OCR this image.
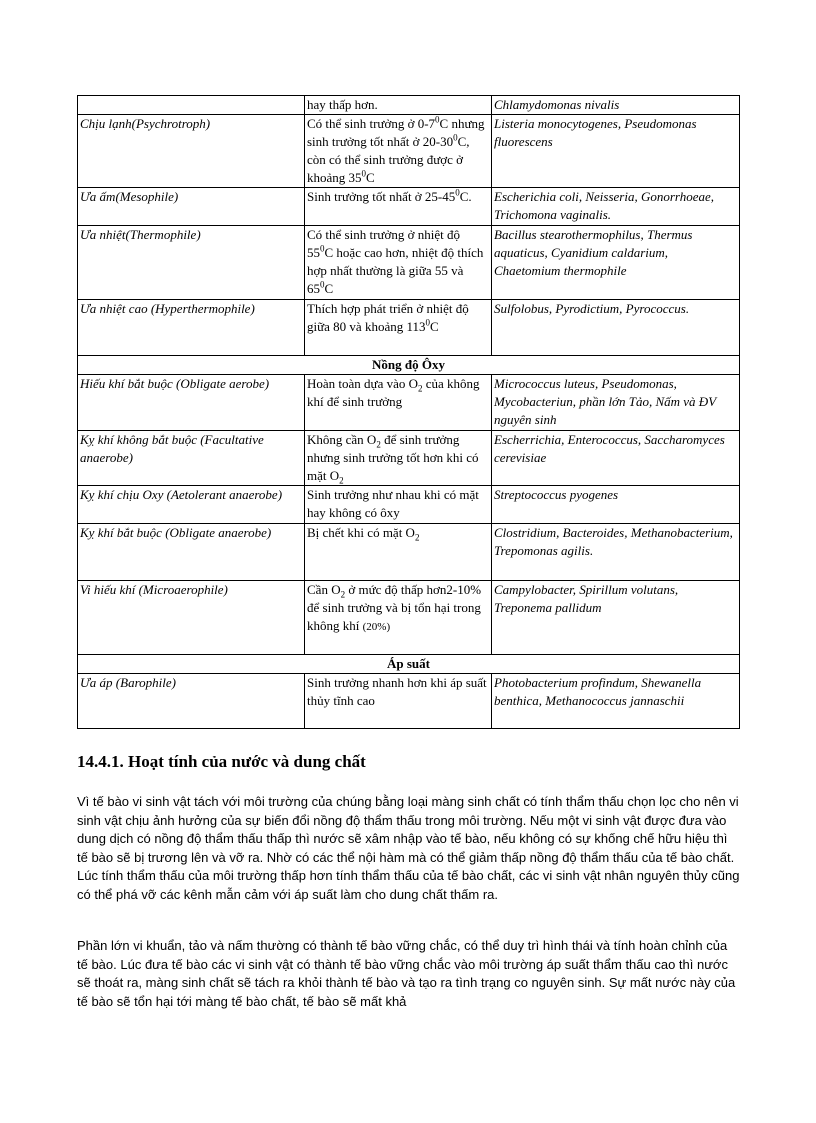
	hay thấp hơn.	Chlamydomonas nivalis
Chịu lạnh(Psychrotroph)	Có thể sinh trưởng ở $0-7^0C$ nhưng sinh trưởng tốt nhất ở $20-30^0C$, còn có thể sinh trưởng được ở khoảng $35^0C$	Listeria monocytogenes, Pseudomonas fluorescens
Ưa ấm(Mesophile)	Sinh trưởng tốt nhất ở $25-45^0C$.	Escherichia coli, Neisseria, Gonorrhoeae, Trichomona vaginalis.
Ưa nhiệt(Thermophile)	Có thể sinh trưởng ở nhiệt độ $55^0C$ hoặc cao hơn, nhiệt độ thích hợp nhất thường là giữa 55 và $65^0C$	Bacillus stearothermophilus, Thermus aquaticus, Cyanidium caldarium, Chaetomium thermophile
Ưa nhiệt cao (Hyperthermophile)	Thích hợp phát triển ở nhiệt độ giữa 80 và khoảng $113^0C$	Sulfolobus, Pyrodictium, Pyrococcus.
Nồng độ Ôxy		
Hiếu khí bắt buộc (Obligate aerobe)	Hoàn toàn dựa vào $O_2$ của không khí để sinh trưởng	Micrococcus luteus, Pseudomonas, Mycobacteriun, phần lớn Tảo, Nấm và ĐV nguyên sinh
Kỵ khí không bắt buộc (Facultative anaerobe)	Không cần $O_2$ để sinh trưởng nhưng sinh trưởng tốt hơn khi có mặt $O_2$	Escherrichia, Enterococcus, Saccharomyces cerevisiae
Kỵ khí chịu Oxy (Aetolerant anaerobe)	Sinh trưởng như nhau khi có mặt hay không có ôxy	Streptococcus pyogenes
Kỵ khí bắt buộc (Obligate anaerobe)	Bị chết khi có mặt $O_2$	Clostridium, Bacteroides, Methanobacterium, Trepomonas agilis.
Vi hiếu khí (Microaerophile)	Cần $O_2$ ở mức độ thấp hơn2-10% để sinh trưởng và bị tổn hại trong không khí (20%)	Campylobacter, Spirillum volutans, Treponema pallidum
Áp suất		
Ưa áp (Barophile)	Sinh trưởng nhanh hơn khi áp suất thủy tĩnh cao	Photobacterium profindum, Shewanella benthica, Methanococcus jannaschii
14.4.1. Hoạt tính của nước và dung chất

Vì tế bào vi sinh vật tách với môi trường của chúng bằng loại màng sinh chất có tính thẩm thấu chọn lọc cho nên vi sinh vật chịu ảnh hưởng của sự biến đổi nồng độ thẩm thấu trong môi trường. Nếu một vi sinh vật được đưa vào dung dịch có nồng độ thẩm thấu thấp thì nước sẽ xâm nhập vào tế bào, nếu không có sự khống chế hữu hiệu thì tế bào sẽ bị trương lên và vỡ ra. Nhờ có các thể nội hàm mà có thể giảm thấp nồng độ thẩm thấu của tế bào chất. Lúc tính thẩm thấu của môi trường thấp hơn tính thẩm thấu của tế bào chất, các vi sinh vật nhân nguyên thủy cũng có thể phá vỡ các kênh mẫn cảm với áp suất làm cho dung chất thấm ra.

Phần lớn vi khuẩn, tảo và nấm thường có thành tế bào vững chắc, có thể duy trì hình thái và tính hoàn chỉnh của tế bào. Lúc đưa tế bào các vi sinh vật có thành tế bào vững chắc vào môi trường áp suất thẩm thấu cao thì nước sẽ thoát ra, màng sinh chất sẽ tách ra khỏi thành tế bào và tạo ra tình trạng co nguyên sinh. Sự mất nước này của tế bào sẽ tổn hại tới màng tế bào chất, tế bào sẽ mất khả
